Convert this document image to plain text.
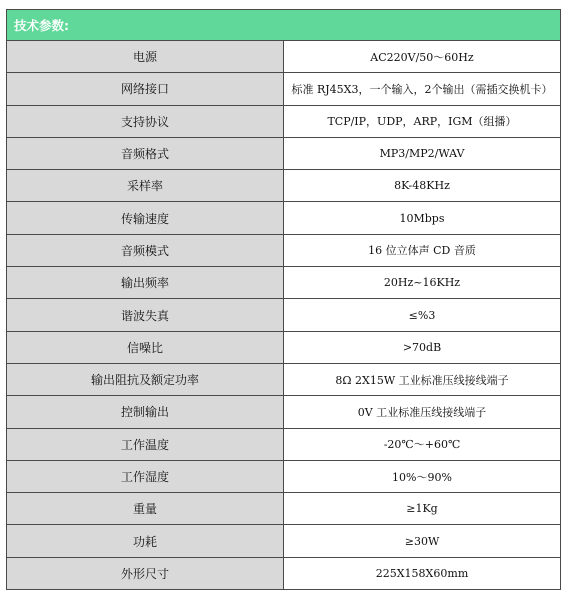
技术参数:	
电源	AC220V/50～60Hz
网络接口	标准 RJ45X3，一个输入，2个输出（需插交换机卡）
支持协议	TCP/IP，UDP，ARP，IGM（组播）
音频格式	MP3/MP2/WAV
采样率	8K-48KHz
传输速度	10Mbps
音频模式	16 位立体声 CD 音质
输出频率	20Hz~16KHz
谐波失真	≤%3
信噪比	>70dB
输出阻抗及额定功率	8Ω 2X15W 工业标准压线接线端子
控制输出	0V 工业标准压线接线端子
工作温度	-20℃～+60℃
工作湿度	10%～90%
重量	≥1Kg
功耗	≥30W
外形尺寸	225X158X60mm
